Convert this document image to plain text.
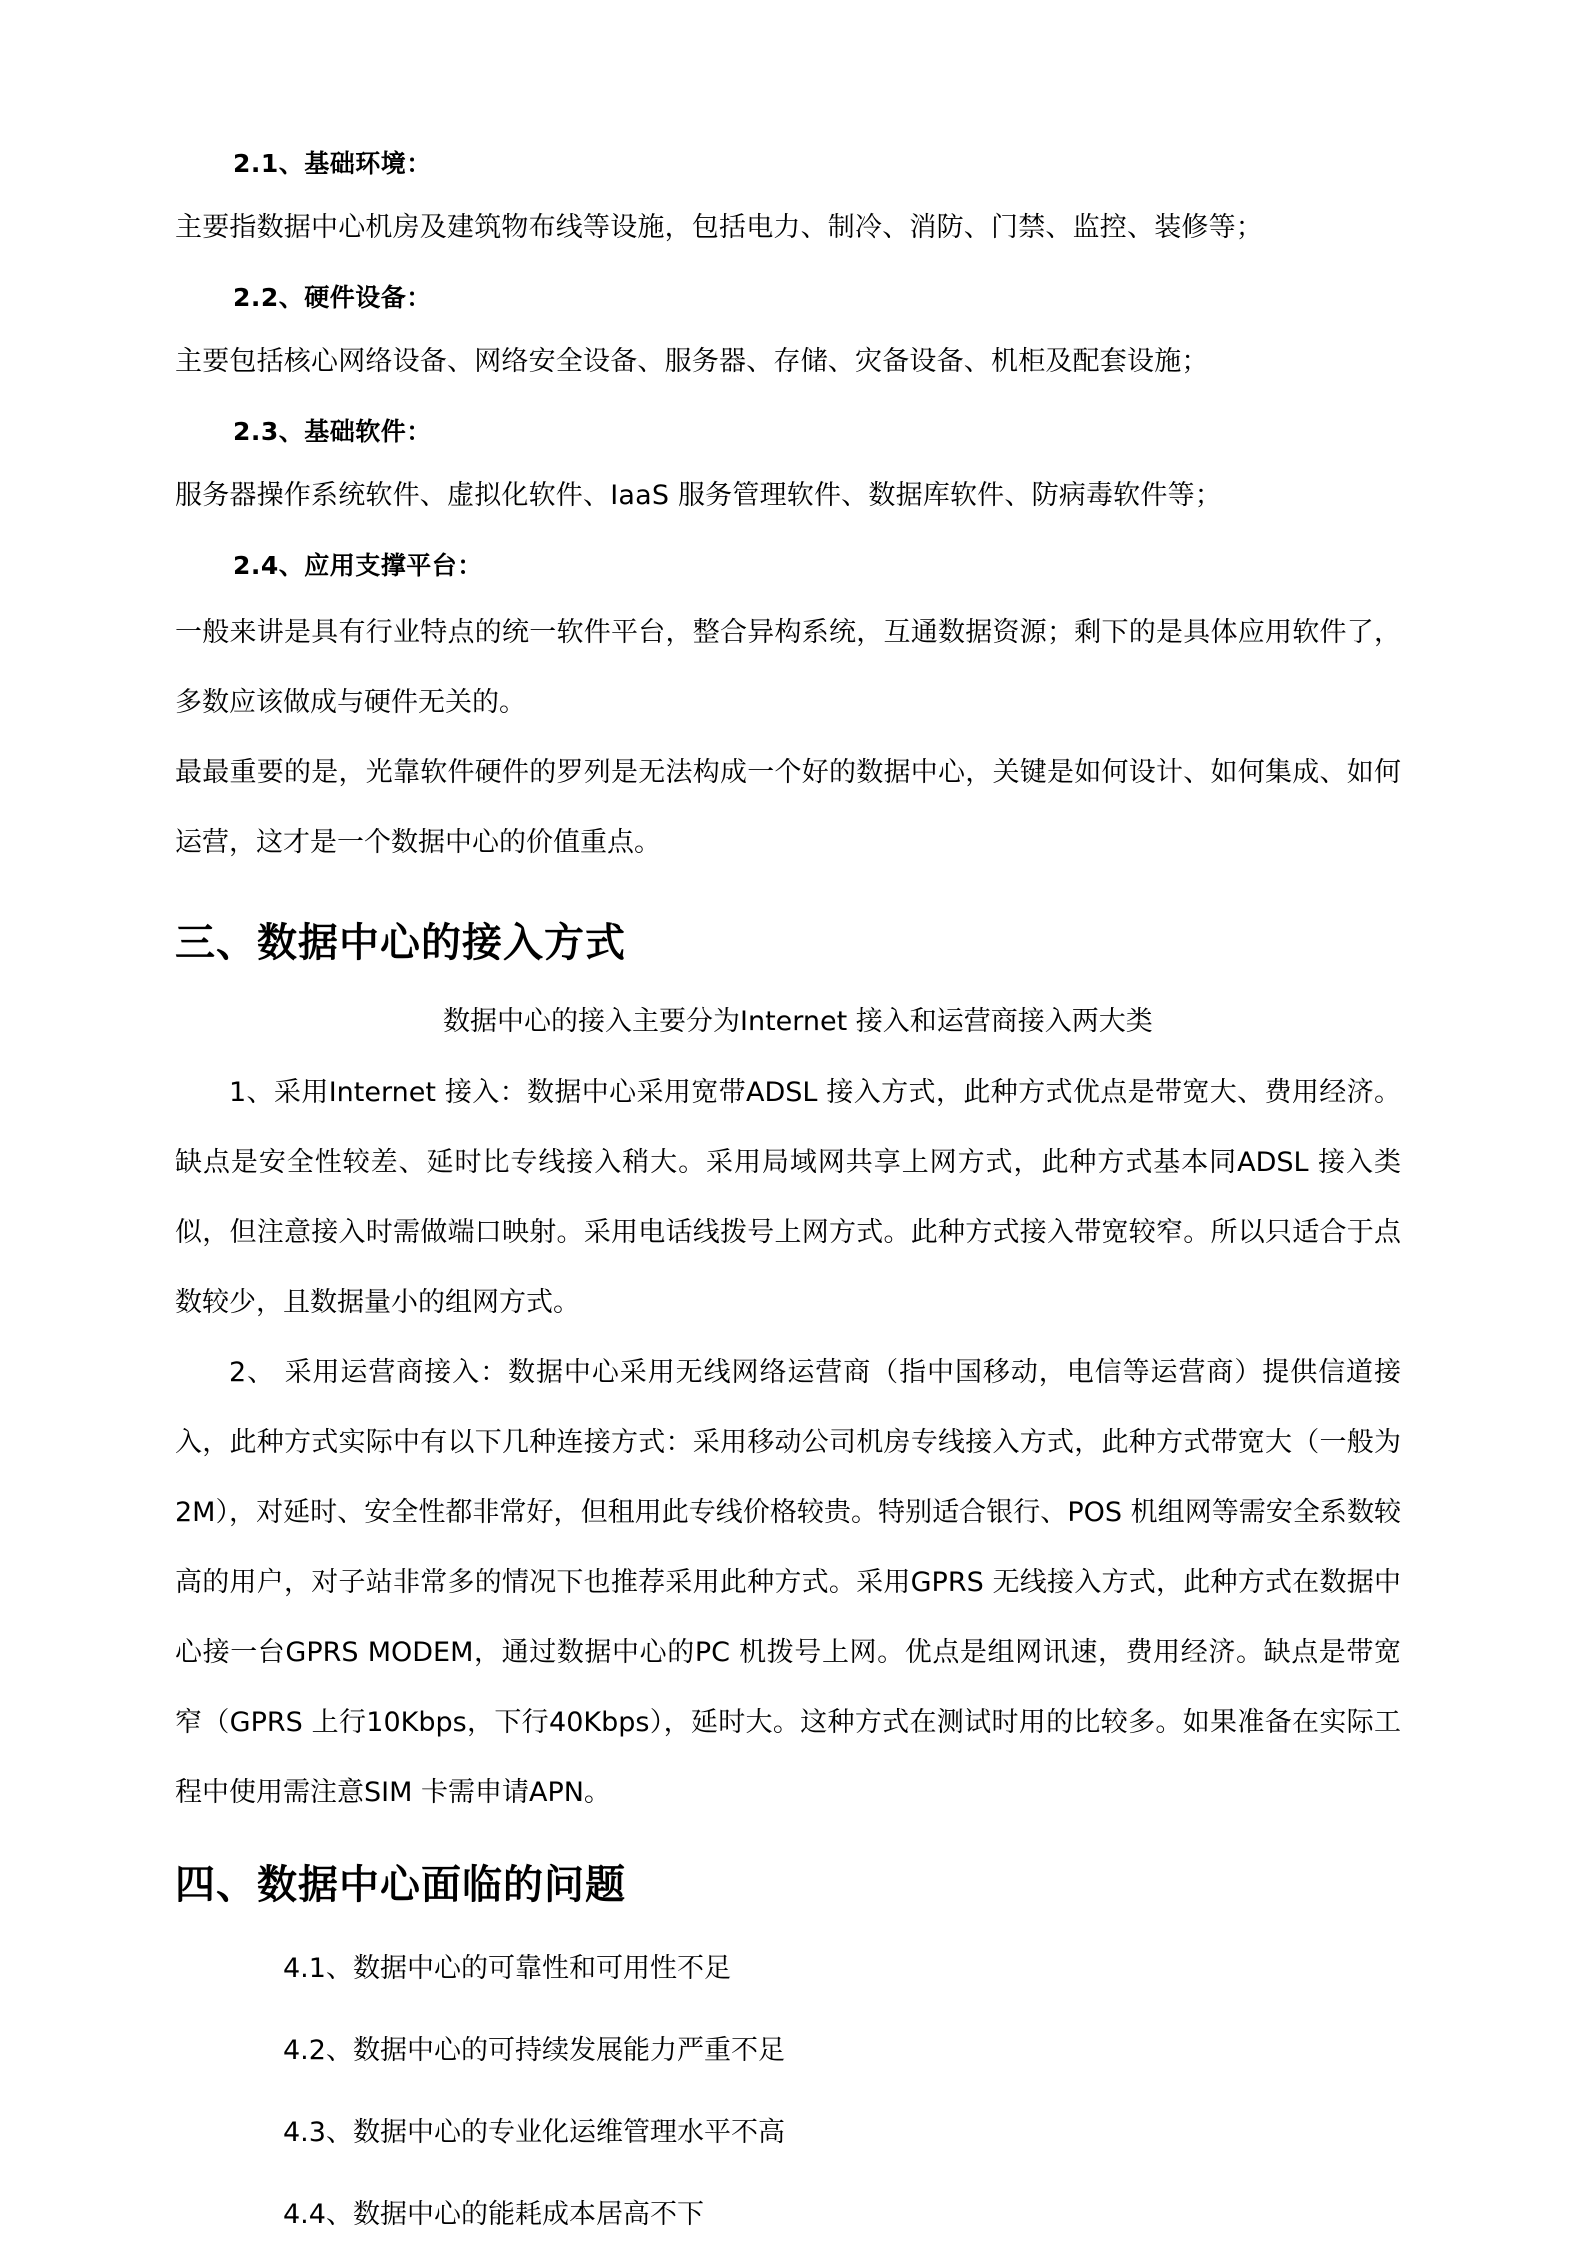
2.1、基础环境：

主要指数据中心机房及建筑物布线等设施，包括电力、制冷、消防、门禁、监控、装修等；

2.2、硬件设备：

主要包括核心网络设备、网络安全设备、服务器、存储、灾备设备、机柜及配套设施；

2.3、基础软件：

服务器操作系统软件、虚拟化软件、IaaS 服务管理软件、数据库软件、防病毒软件等；

2.4、应用支撑平台：

一般来讲是具有行业特点的统一软件平台，整合异构系统，互通数据资源；剩下的是具体应用软件了，多数应该做成与硬件无关的。

最最重要的是，光靠软件硬件的罗列是无法构成一个好的数据中心，关键是如何设计、如何集成、如何运营，这才是一个数据中心的价值重点。

三、数据中心的接入方式

数据中心的接入主要分为Internet 接入和运营商接入两大类

1、采用Internet 接入：数据中心采用宽带ADSL 接入方式，此种方式优点是带宽大、费用经济。缺点是安全性较差、延时比专线接入稍大。采用局域网共享上网方式，此种方式基本同ADSL 接入类似，但注意接入时需做端口映射。采用电话线拨号上网方式。此种方式接入带宽较窄。所以只适合于点数较少，且数据量小的组网方式。

2、 采用运营商接入：数据中心采用无线网络运营商（指中国移动，电信等运营商）提供信道接入，此种方式实际中有以下几种连接方式：采用移动公司机房专线接入方式，此种方式带宽大（一般为2M），对延时、安全性都非常好，但租用此专线价格较贵。特别适合银行、POS 机组网等需安全系数较高的用户，对子站非常多的情况下也推荐采用此种方式。采用GPRS 无线接入方式，此种方式在数据中心接一台GPRS MODEM，通过数据中心的PC 机拨号上网。优点是组网讯速，费用经济。缺点是带宽窄（GPRS 上行10Kbps，下行40Kbps），延时大。这种方式在测试时用的比较多。如果准备在实际工程中使用需注意SIM 卡需申请APN。

四、数据中心面临的问题

4.1、数据中心的可靠性和可用性不足

4.2、数据中心的可持续发展能力严重不足

4.3、数据中心的专业化运维管理水平不高

4.4、数据中心的能耗成本居高不下
